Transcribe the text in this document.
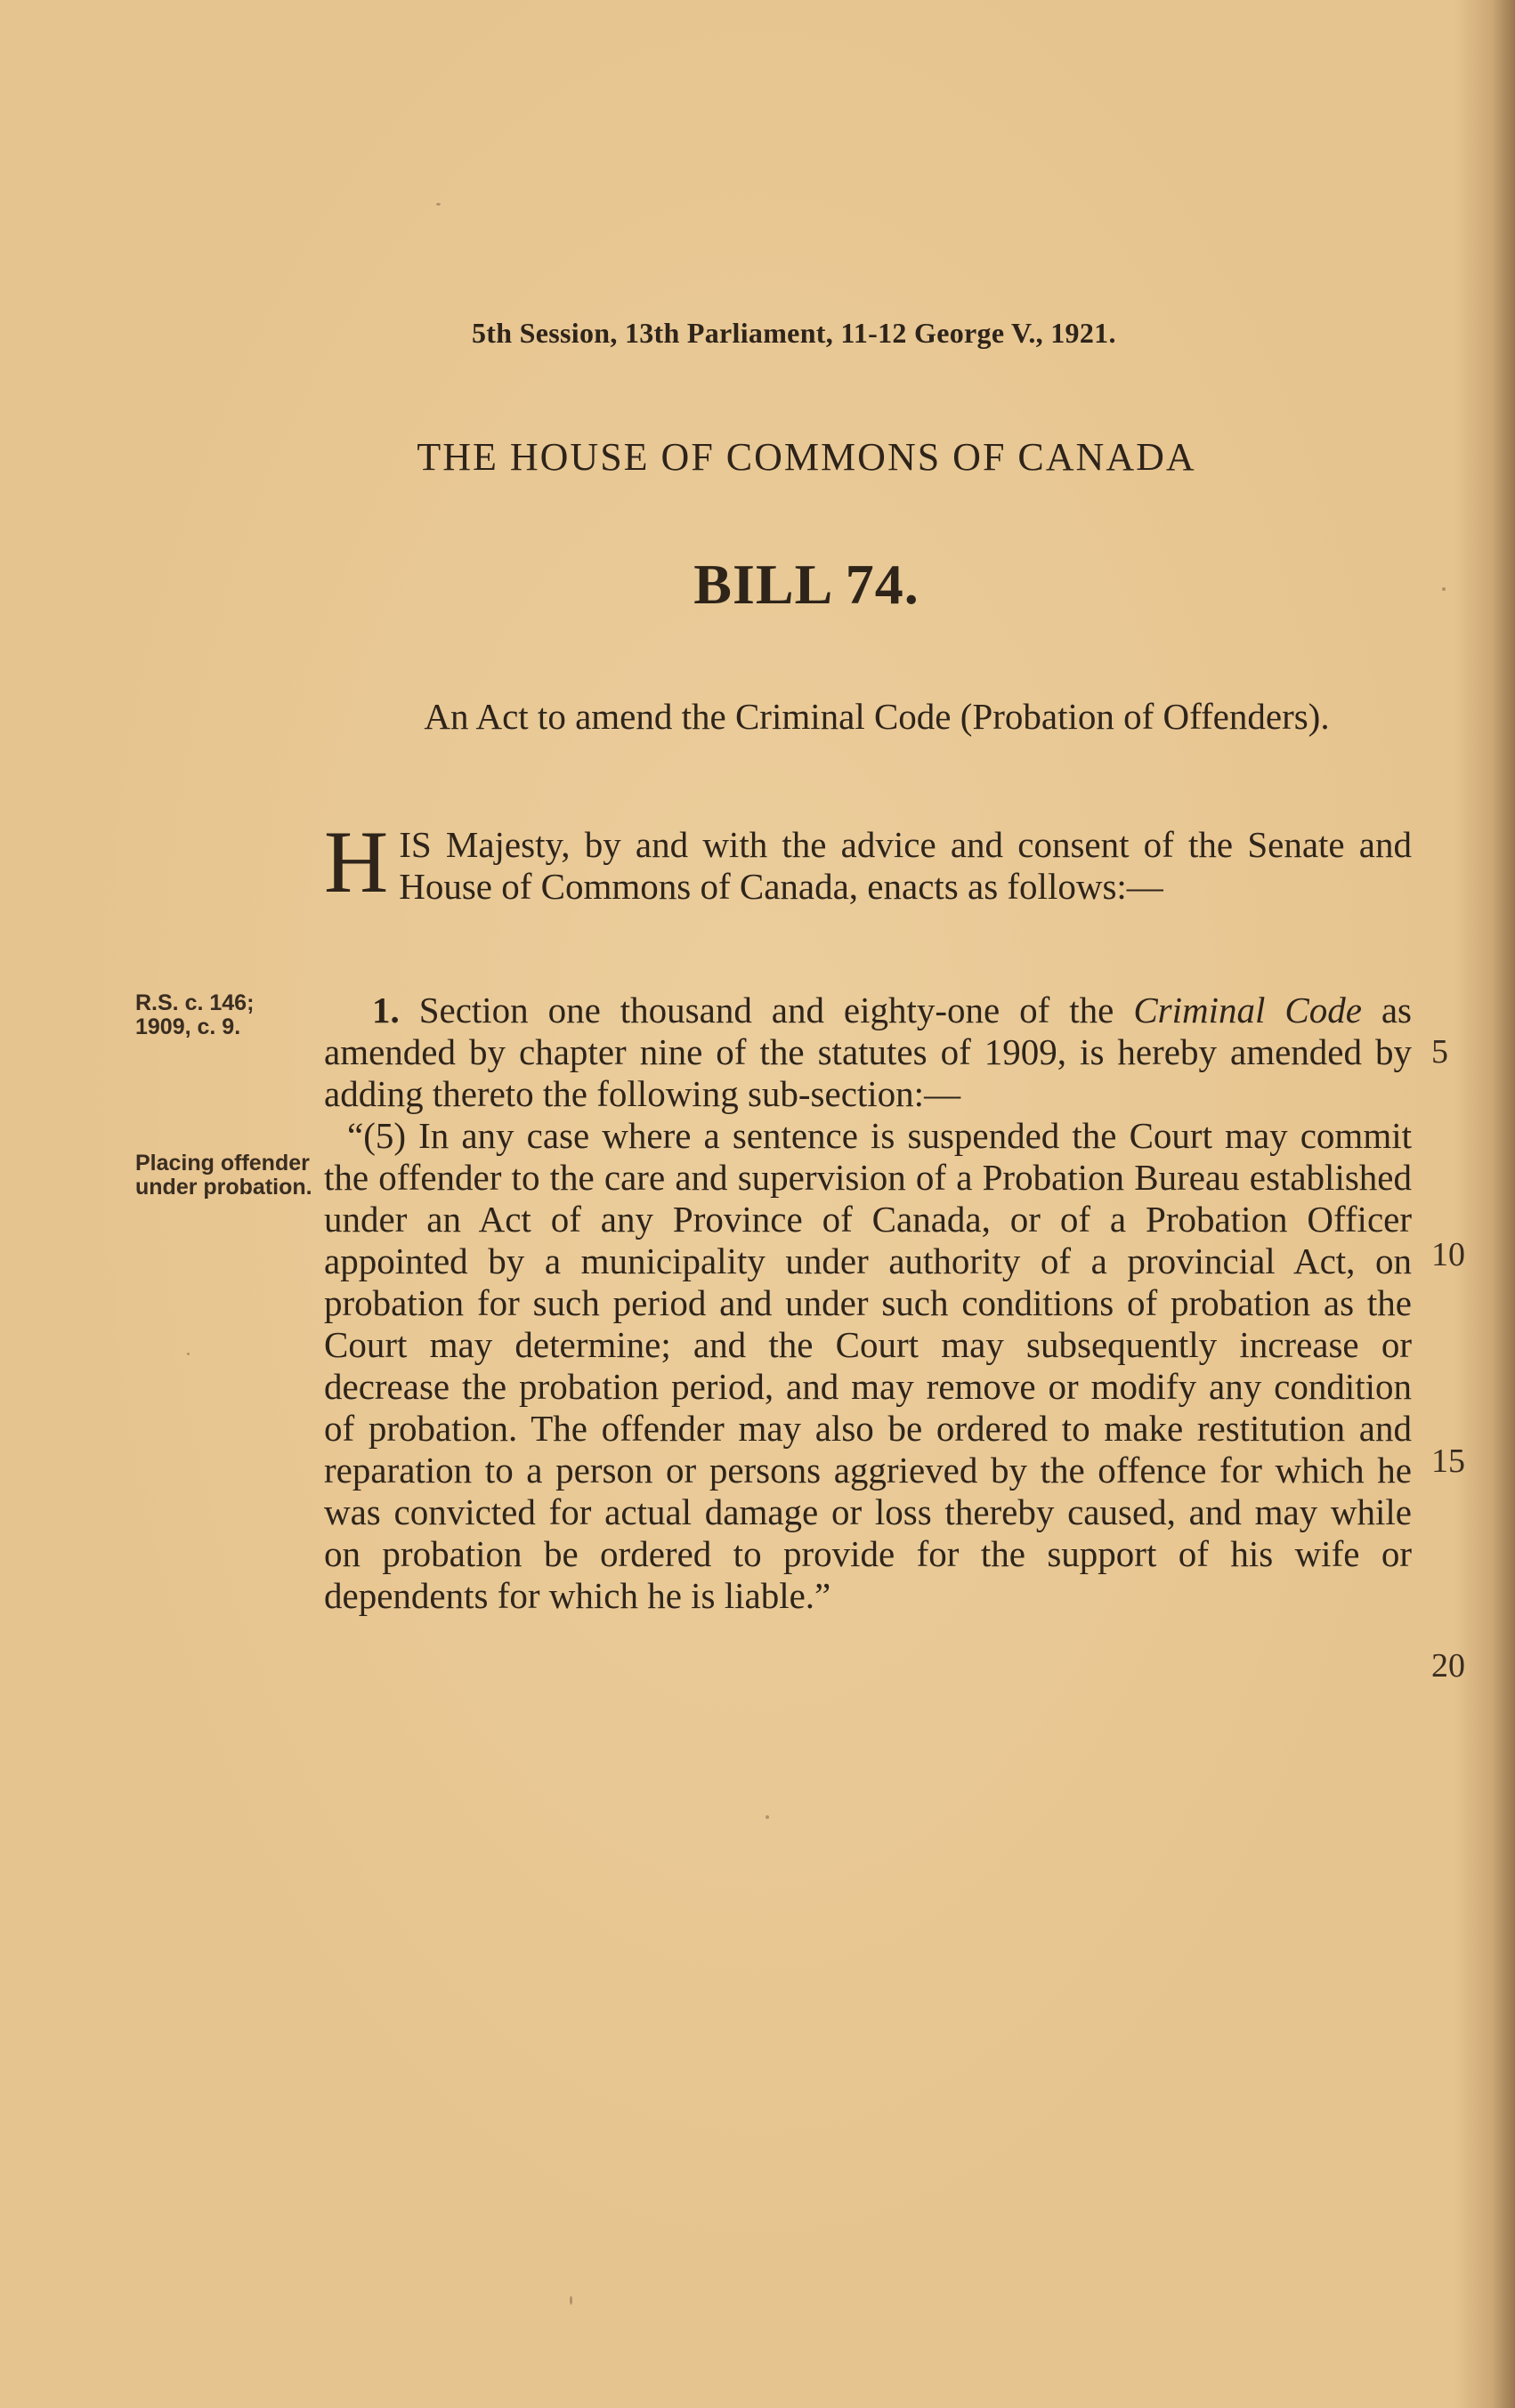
5th Session, 13th Parliament, 11-12 George V., 1921.
THE HOUSE OF COMMONS OF CANADA
BILL 74.
An Act to amend the Criminal Code (Probation of Offenders).
H IS Majesty, by and with the advice and consent of the Senate and House of Commons of Canada, enacts as follows:—
R.S. c. 146; 1909, c. 9.
Placing offender under probation.

1. Section one thousand and eighty-one of the Criminal Code as amended by chapter nine of the statutes of 1909, is hereby amended by adding thereto the following sub-section:—

“(5) In any case where a sentence is suspended the Court may commit the offender to the care and supervision of a Probation Bureau established under an Act of any Province of Canada, or of a Probation Officer appointed by a municipality under authority of a provincial Act, on probation for such period and under such conditions of probation as the Court may determine; and the Court may subsequently increase or decrease the probation period, and may remove or modify any condition of probation. The offender may also be ordered to make restitution and reparation to a person or persons aggrieved by the offence for which he was convicted for actual damage or loss thereby caused, and may while on probation be ordered to provide for the support of his wife or dependents for which he is liable.”

5
10
15
20
